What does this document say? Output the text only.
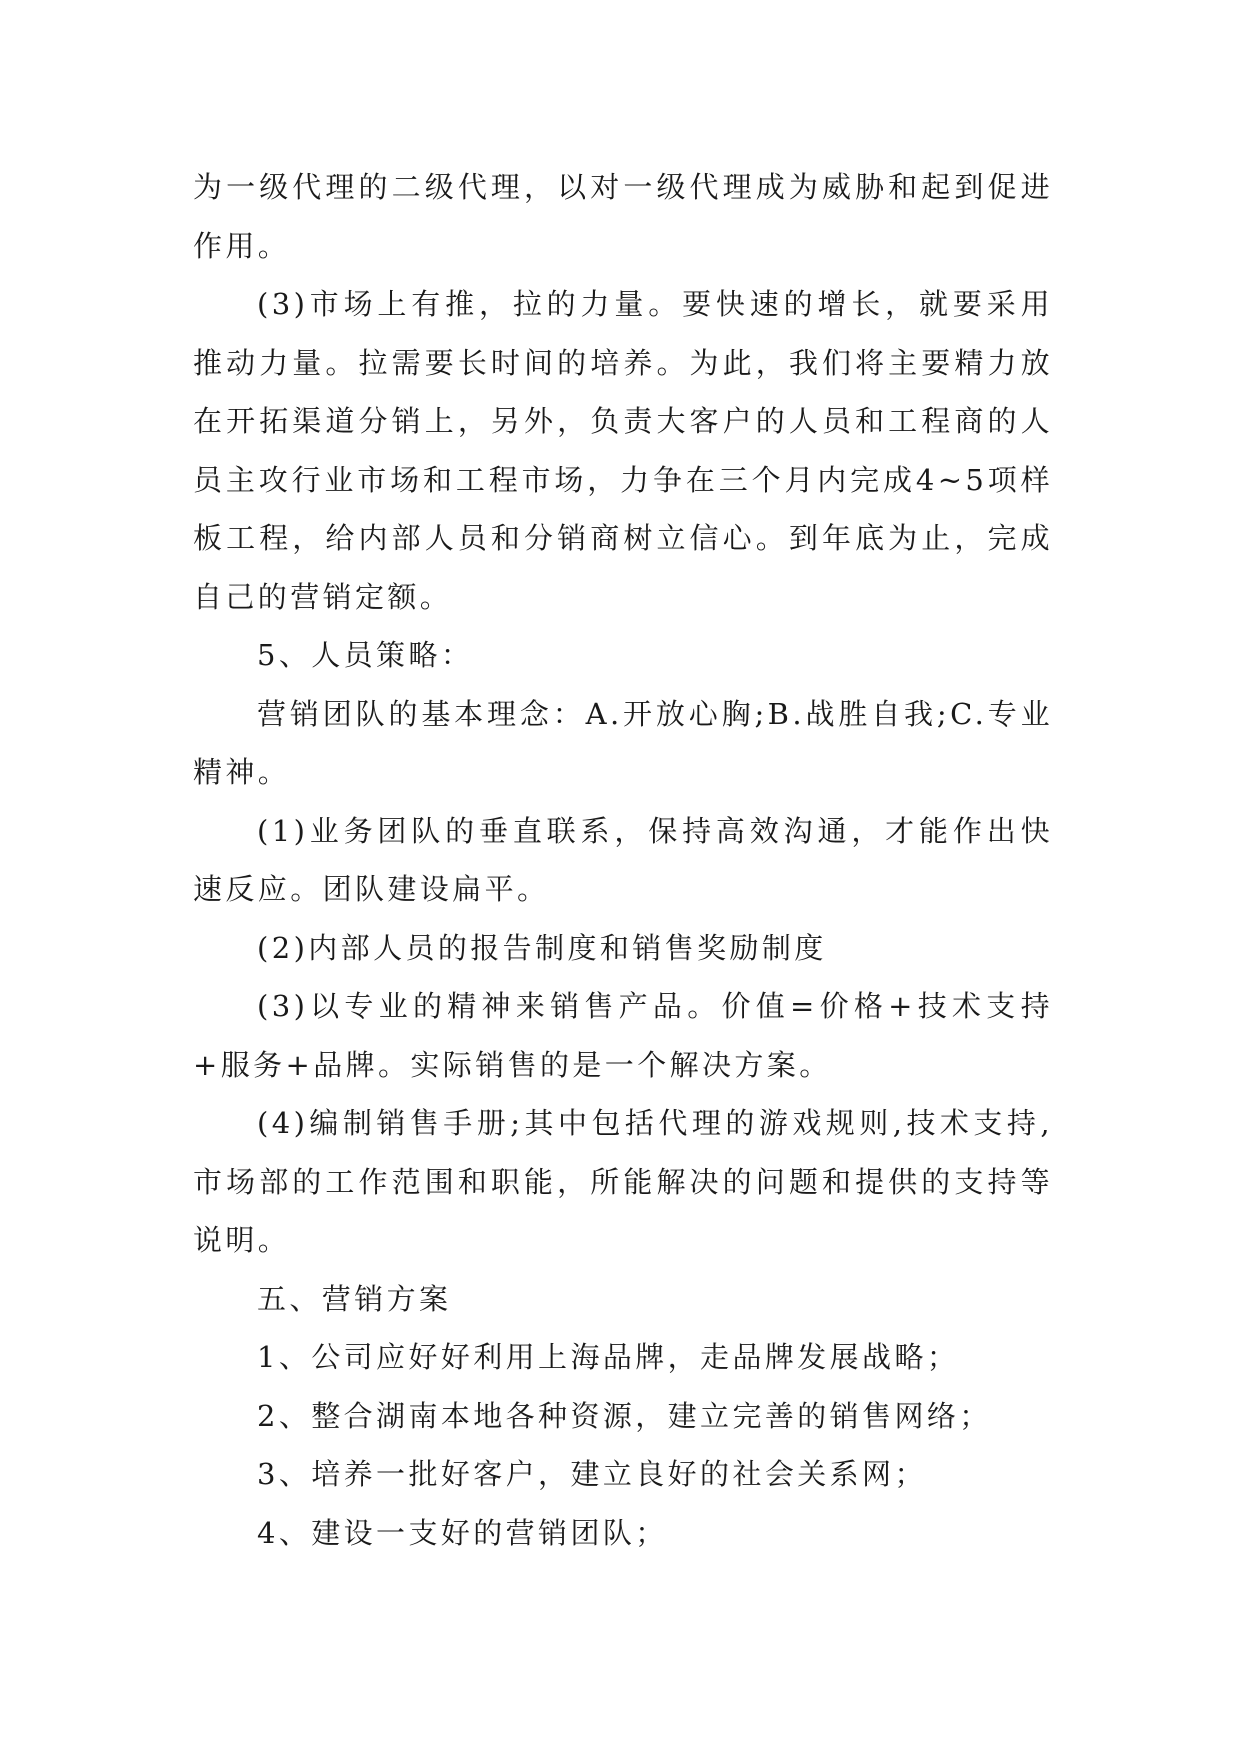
为一级代理的二级代理，以对一级代理成为威胁和起到促进作用。

(3)市场上有推，拉的力量。要快速的增长，就要采用推动力量。拉需要长时间的培养。为此，我们将主要精力放在开拓渠道分销上，另外，负责大客户的人员和工程商的人员主攻行业市场和工程市场，力争在三个月内完成4~5项样板工程，给内部人员和分销商树立信心。到年底为止，完成自己的营销定额。

5、人员策略：

营销团队的基本理念：A.开放心胸;B.战胜自我;C.专业精神。

(1)业务团队的垂直联系，保持高效沟通，才能作出快速反应。团队建设扁平。

(2)内部人员的报告制度和销售奖励制度

(3)以专业的精神来销售产品。价值=价格+技术支持+服务+品牌。实际销售的是一个解决方案。

(4)编制销售手册;其中包括代理的游戏规则,技术支持,市场部的工作范围和职能，所能解决的问题和提供的支持等说明。

五、营销方案

1、公司应好好利用上海品牌，走品牌发展战略；

2、整合湖南本地各种资源，建立完善的销售网络；

3、培养一批好客户，建立良好的社会关系网；

4、建设一支好的营销团队；
